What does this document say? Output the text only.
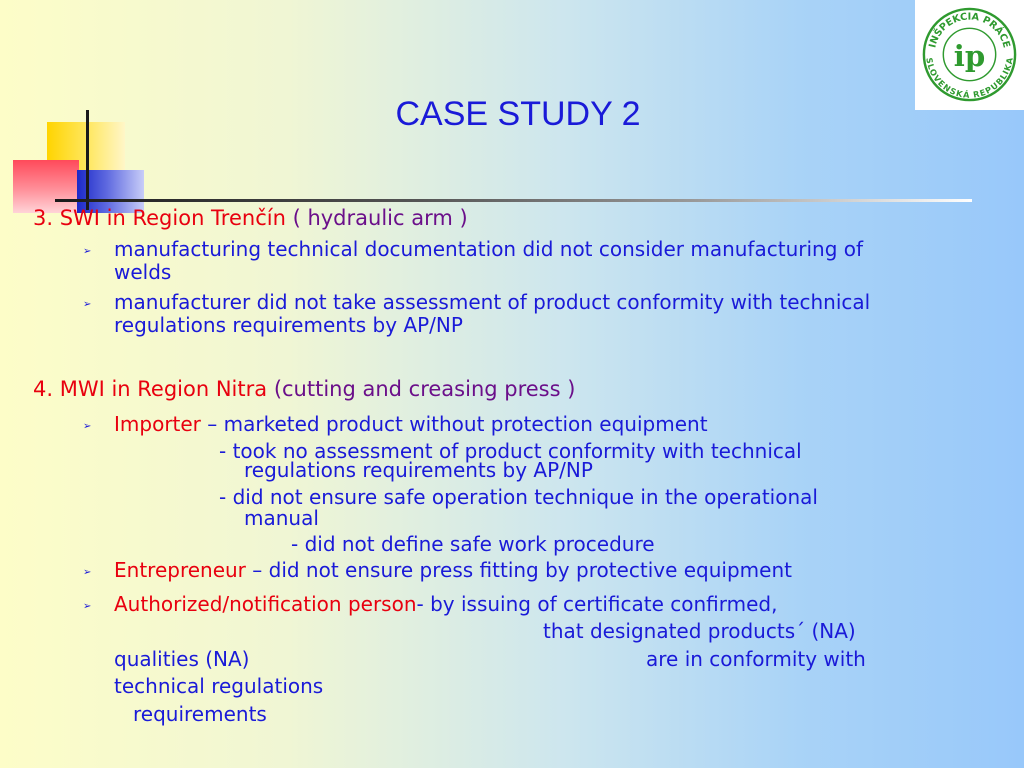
INŠPEKCIA PRÁCE
SLOVENSKÁ REPUBLIKA
ip
CASE STUDY 2
3. SWI in Region Trenčín ( hydraulic arm )
➢ manufacturing technical documentation did not consider manufacturing of
welds
➢ manufacturer did not take assessment of product conformity with technical
regulations requirements by AP/NP
4. MWI in Region Nitra (cutting and creasing press )
➢ Importer – marketed product without protection equipment
- took no assessment of product conformity with technical
regulations requirements by AP/NP
- did not ensure safe operation technique in the operational
manual
- did not define safe work procedure
➢ Entrepreneur – did not ensure press fitting by protective equipment
➢ Authorized/notification person- by issuing of certificate confirmed,
that designated products´ (NA)
qualities (NA)	are in conformity with
technical regulations
requirements
